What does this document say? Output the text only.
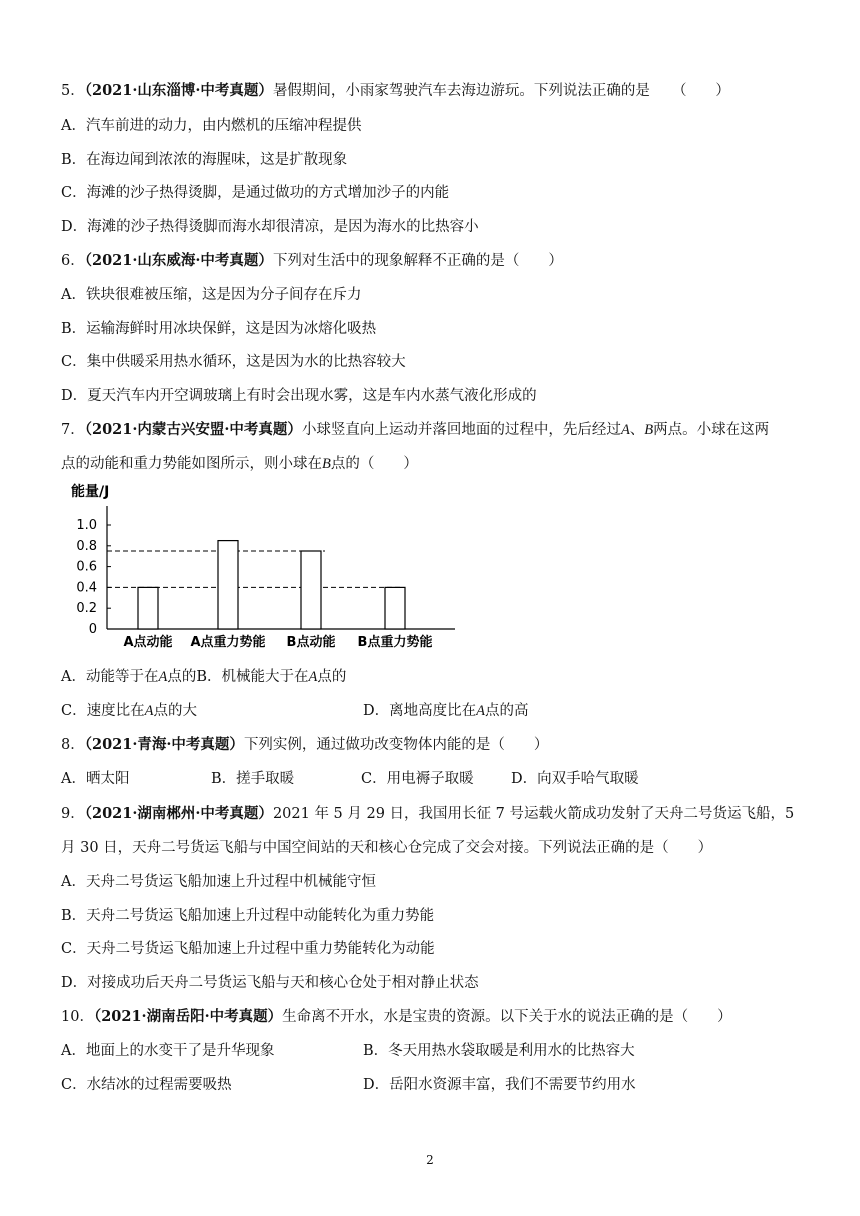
5．（2021·山东淄博·中考真题）暑假期间，小雨家驾驶汽车去海边游玩。下列说法正确的是 （　　）
A．汽车前进的动力，由内燃机的压缩冲程提供
B．在海边闻到浓浓的海腥味，这是扩散现象
C．海滩的沙子热得烫脚，是通过做功的方式增加沙子的内能
D．海滩的沙子热得烫脚而海水却很清凉，是因为海水的比热容小
6．（2021·山东威海·中考真题）下列对生活中的现象解释不正确的是（　　）
A．铁块很难被压缩，这是因为分子间存在斥力
B．运输海鲜时用冰块保鲜，这是因为冰熔化吸热
C．集中供暖采用热水循环，这是因为水的比热容较大
D．夏天汽车内开空调玻璃上有时会出现水雾，这是车内水蒸气液化形成的
7．（2021·内蒙古兴安盟·中考真题）小球竖直向上运动并落回地面的过程中，先后经过A、B两点。小球在这两
点的动能和重力势能如图所示，则小球在B点的（　　）
能量/J
1.0
0.8
0.6
0.4
0.2
0
A点动能 A点重力势能 B点动能 B点重力势能
A．动能等于在A点的B．机械能大于在A点的
C．速度比在A点的大	D．离地高度比在A点的高
8．（2021·青海·中考真题）下列实例，通过做功改变物体内能的是（　　）
A．晒太阳	B．搓手取暖	C．用电褥子取暖	D．向双手哈气取暖
9．（2021·湖南郴州·中考真题）2021 年 5 月 29 日，我国用长征 7 号运载火箭成功发射了天舟二号货运飞船，5
月 30 日，天舟二号货运飞船与中国空间站的天和核心仓完成了交会对接。下列说法正确的是（　　）
A．天舟二号货运飞船加速上升过程中机械能守恒
B．天舟二号货运飞船加速上升过程中动能转化为重力势能
C．天舟二号货运飞船加速上升过程中重力势能转化为动能
D．对接成功后天舟二号货运飞船与天和核心仓处于相对静止状态
10．（2021·湖南岳阳·中考真题）生命离不开水，水是宝贵的资源。以下关于水的说法正确的是（　　）
A．地面上的水变干了是升华现象	B．冬天用热水袋取暖是利用水的比热容大
C．水结冰的过程需要吸热	D．岳阳水资源丰富，我们不需要节约用水
2
